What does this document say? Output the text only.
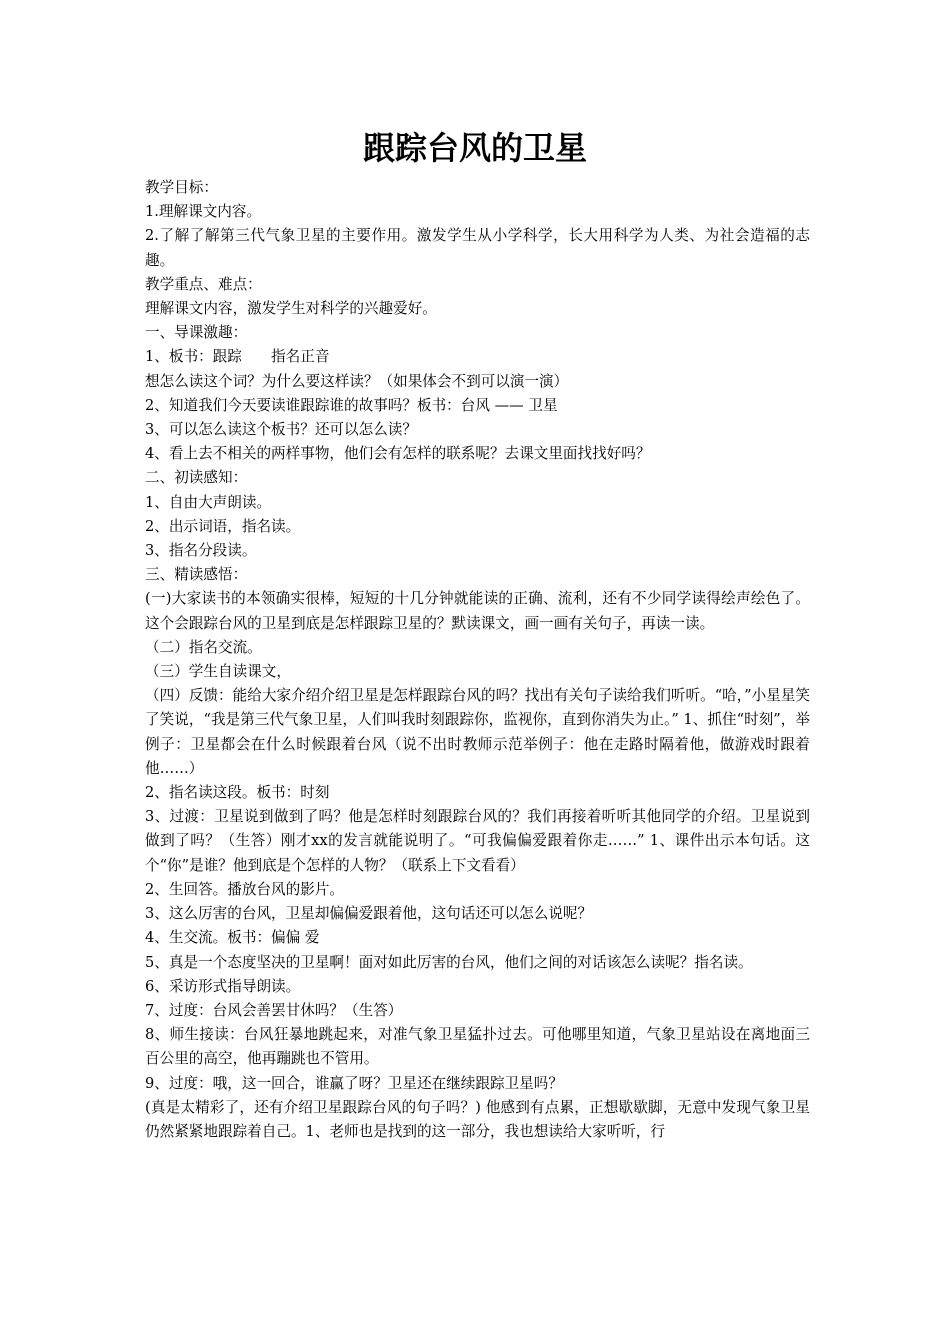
跟踪台风的卫星

教学目标：

1.理解课文内容。

2.了解了解第三代气象卫星的主要作用。激发学生从小学科学，长大用科学为人类、为社会造福的志趣。

教学重点、难点：

理解课文内容，激发学生对科学的兴趣爱好。

一、导课激趣：

1、板书：跟踪　　指名正音

想怎么读这个词？为什么要这样读？（如果体会不到可以演一演）

2、知道我们今天要读谁跟踪谁的故事吗？板书：台风 —— 卫星

3、可以怎么读这个板书？还可以怎么读？

4、看上去不相关的两样事物，他们会有怎样的联系呢？去课文里面找找好吗？

二、初读感知：

1、自由大声朗读。

2、出示词语，指名读。

3、指名分段读。

三、精读感悟：

(一)大家读书的本领确实很棒，短短的十几分钟就能读的正确、流利，还有不少同学读得绘声绘色了。这个会跟踪台风的卫星到底是怎样跟踪卫星的？默读课文，画一画有关句子，再读一读。

（二）指名交流。

（三）学生自读课文，

（四）反馈：能给大家介绍介绍卫星是怎样跟踪台风的吗？找出有关句子读给我们听听。“哈，”小星星笑了笑说，“我是第三代气象卫星，人们叫我时刻跟踪你，监视你，直到你消失为止。” 1、抓住“时刻”，举例子：卫星都会在什么时候跟着台风（说不出时教师示范举例子：他在走路时隔着他，做游戏时跟着他……）

2、指名读这段。板书：时刻

3、过渡：卫星说到做到了吗？他是怎样时刻跟踪台风的？我们再接着听听其他同学的介绍。卫星说到做到了吗？（生答）刚才xx的发言就能说明了。“可我偏偏爱跟着你走……” 1、课件出示本句话。这个“你”是谁？他到底是个怎样的人物？（联系上下文看看）

2、生回答。播放台风的影片。

3、这么厉害的台风，卫星却偏偏爱跟着他，这句话还可以怎么说呢？

4、生交流。板书：偏偏 爱

5、真是一个态度坚决的卫星啊！面对如此厉害的台风，他们之间的对话该怎么读呢？指名读。

6、采访形式指导朗读。

7、过度：台风会善罢甘休吗？（生答）

8、师生接读：台风狂暴地跳起来，对准气象卫星猛扑过去。可他哪里知道，气象卫星站设在离地面三百公里的高空，他再蹦跳也不管用。

9、过度：哦，这一回合，谁赢了呀？卫星还在继续跟踪卫星吗？

(真是太精彩了，还有介绍卫星跟踪台风的句子吗？) 他感到有点累，正想歇歇脚，无意中发现气象卫星仍然紧紧地跟踪着自己。1、老师也是找到的这一部分，我也想读给大家听听，行
